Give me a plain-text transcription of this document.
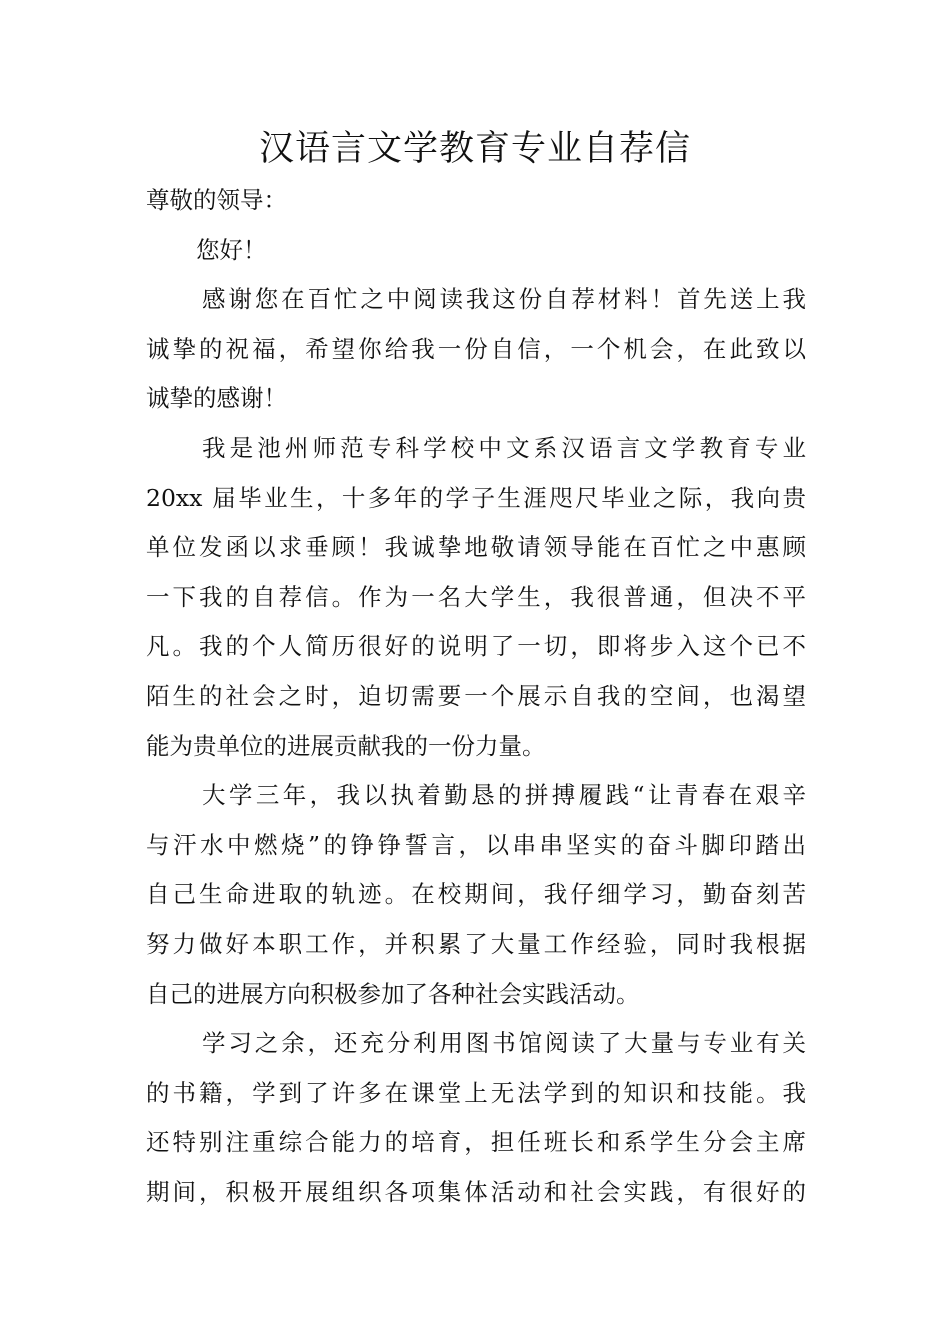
汉语言文学教育专业自荐信
尊敬的领导：
您好！
感谢您在百忙之中阅读我这份自荐材料！首先送上我
诚挚的祝福，希望你给我一份自信，一个机会，在此致以
诚挚的感谢！
我是池州师范专科学校中文系汉语言文学教育专业
20xx 届毕业生，十多年的学子生涯咫尺毕业之际，我向贵
单位发函以求垂顾！我诚挚地敬请领导能在百忙之中惠顾
一下我的自荐信。作为一名大学生，我很普通，但决不平
凡。我的个人简历很好的说明了一切，即将步入这个已不
陌生的社会之时，迫切需要一个展示自我的空间，也渴望
能为贵单位的进展贡献我的一份力量。
大学三年，我以执着勤恳的拼搏履践“让青春在艰辛
与汗水中燃烧”的铮铮誓言，以串串坚实的奋斗脚印踏出
自己生命进取的轨迹。在校期间，我仔细学习，勤奋刻苦
努力做好本职工作，并积累了大量工作经验，同时我根据
自己的进展方向积极参加了各种社会实践活动。
学习之余，还充分利用图书馆阅读了大量与专业有关
的书籍，学到了许多在课堂上无法学到的知识和技能。我
还特别注重综合能力的培育，担任班长和系学生分会主席
期间，积极开展组织各项集体活动和社会实践，有很好的
